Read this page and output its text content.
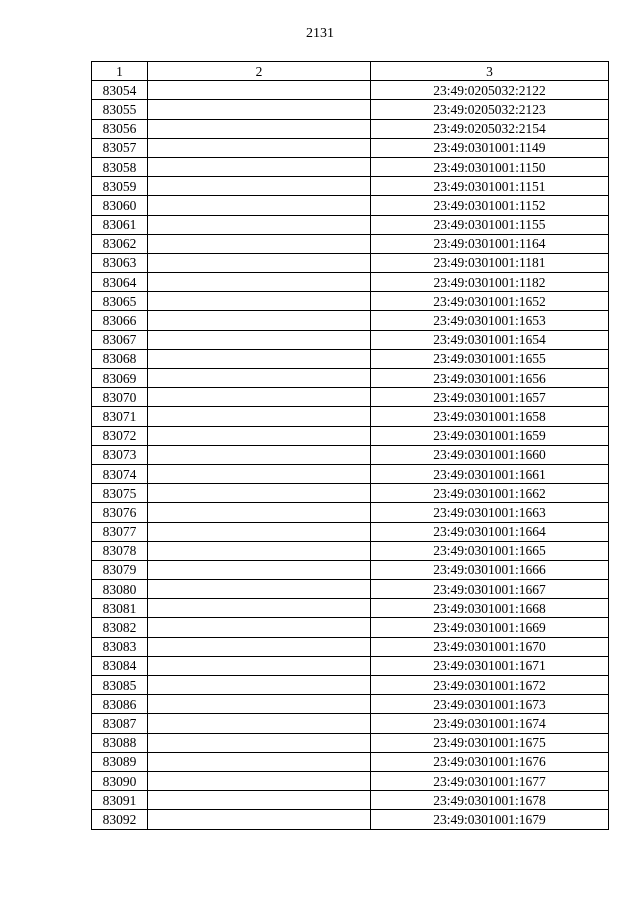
2131
1	2	3
83054		23:49:0205032:2122
83055		23:49:0205032:2123
83056		23:49:0205032:2154
83057		23:49:0301001:1149
83058		23:49:0301001:1150
83059		23:49:0301001:1151
83060		23:49:0301001:1152
83061		23:49:0301001:1155
83062		23:49:0301001:1164
83063		23:49:0301001:1181
83064		23:49:0301001:1182
83065		23:49:0301001:1652
83066		23:49:0301001:1653
83067		23:49:0301001:1654
83068		23:49:0301001:1655
83069		23:49:0301001:1656
83070		23:49:0301001:1657
83071		23:49:0301001:1658
83072		23:49:0301001:1659
83073		23:49:0301001:1660
83074		23:49:0301001:1661
83075		23:49:0301001:1662
83076		23:49:0301001:1663
83077		23:49:0301001:1664
83078		23:49:0301001:1665
83079		23:49:0301001:1666
83080		23:49:0301001:1667
83081		23:49:0301001:1668
83082		23:49:0301001:1669
83083		23:49:0301001:1670
83084		23:49:0301001:1671
83085		23:49:0301001:1672
83086		23:49:0301001:1673
83087		23:49:0301001:1674
83088		23:49:0301001:1675
83089		23:49:0301001:1676
83090		23:49:0301001:1677
83091		23:49:0301001:1678
83092		23:49:0301001:1679
